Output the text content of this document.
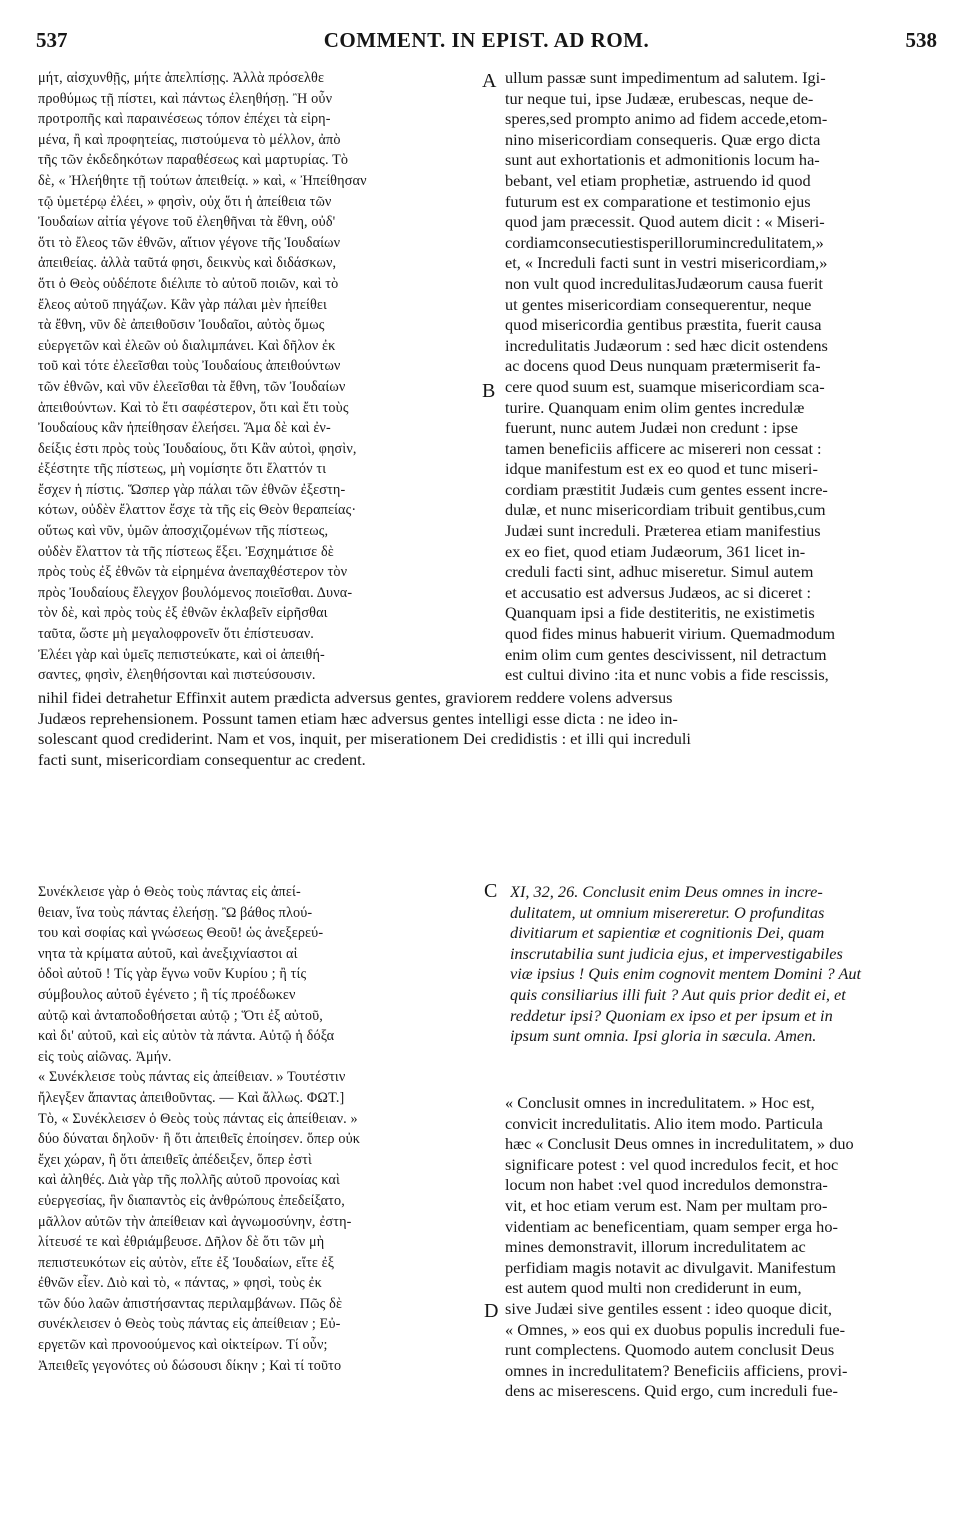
537	COMMENT. IN EPIST. AD ROM.	538
μήτ, αἰσχυνθῇς, μήτε ἀπελπίσῃς. Ἀλλὰ πρόσελθε
προθύμως τῇ πίστει, καὶ πάντως ἐλεηθήσῃ. Ἢ οὖν
προτροπῆς καὶ παραινέσεως τόπον ἐπέχει τὰ εἰρη-
μένα, ἢ καὶ προφητείας, πιστούμενα τὸ μέλλον, ἀπὸ
τῆς τῶν ἐκδεδηκότων παραθέσεως καὶ μαρτυρίας. Τὸ
δὲ, « Ἠλεήθητε τῇ τούτων ἀπειθείᾳ. » καὶ, « Ἠπείθησαν
τῷ ὑμετέρῳ ἐλέει, » φησὶν, οὐχ ὅτι ἡ ἀπείθεια τῶν
Ἰουδαίων αἰτία γέγονε τοῦ ἐλεηθῆναι τὰ ἔθνη, οὐδ'
ὅτι τὸ ἔλεος τῶν ἐθνῶν, αἴτιον γέγονε τῆς Ἰουδαίων
ἀπειθείας. ἀλλὰ ταῦτά φησι, δεικνὺς καὶ διδάσκων,
ὅτι ὁ Θεὸς οὐδέποτε διέλιπε τὸ αὐτοῦ ποιῶν, καὶ τὸ
ἔλεος αὐτοῦ πηγάζων. Κἂν γὰρ πάλαι μὲν ἠπείθει
τὰ ἔθνη, νῦν δὲ ἀπειθοῦσιν Ἰουδαῖοι, αὐτὸς ὅμως
εὐεργετῶν καὶ ἐλεῶν οὐ διαλιμπάνει. Καὶ δῆλον ἐκ
τοῦ καὶ τότε ἐλεεῖσθαι τοὺς Ἰουδαίους ἀπειθούντων
τῶν ἐθνῶν, καὶ νῦν ἐλεεῖσθαι τὰ ἔθνη, τῶν Ἰουδαίων
ἀπειθούντων. Καὶ τὸ ἔτι σαφέστερον, ὅτι καὶ ἔτι τοὺς
Ἰουδαίους κἂν ἠπείθησαν ἐλεήσει. Ἅμα δὲ καὶ ἐν-
δείξις ἐστι πρὸς τοὺς Ἰουδαίους, ὅτι Κἂν αὐτοὶ, φησὶν,
ἐξέστητε τῆς πίστεως, μὴ νομίσητε ὅτι ἔλαττόν τι
ἔσχεν ἡ πίστις. Ὥσπερ γὰρ πάλαι τῶν ἐθνῶν ἐξεστη-
κότων, οὐδὲν ἔλαττον ἔσχε τὰ τῆς εἰς Θεὸν θεραπείας·
οὕτως καὶ νῦν, ὑμῶν ἀποσχιζομένων τῆς πίστεως,
οὐδὲν ἔλαττον τὰ τῆς πίστεως ἕξει. Ἐσχημάτισε δὲ
πρὸς τοὺς ἐξ ἐθνῶν τὰ εἰρημένα ἀνεπαχθέστερον τὸν
πρὸς Ἰουδαίους ἔλεγχον βουλόμενος ποιεῖσθαι. Δυνα-
τὸν δὲ, καὶ πρὸς τοὺς ἐξ ἐθνῶν ἐκλαβεῖν εἰρῆσθαι
ταῦτα, ὥστε μὴ μεγαλοφρονεῖν ὅτι ἐπίστευσαν.
Ἐλέει γὰρ καὶ ὑμεῖς πεπιστεύκατε, καὶ οἱ ἀπειθή-
σαντες, φησὶν, ἐλεηθήσονται καὶ πιστεύσουσιν.
ullum passæ sunt impedimentum ad salutem. Igi-
tur neque tui, ipse Judææ, erubescas, neque de-
speres,sed prompto animo ad fidem accede,etom-
nino misericordiam consequeris. Quæ ergo dicta
sunt aut exhortationis et admonitionis locum ha-
bebant, vel etiam prophetiæ, astruendo id quod
futurum est ex comparatione et testimonio ejus
quod jam præcessit. Quod autem dicit : « Miseri-
cordiamconsecutiestisperillorumincredulitatem,»
et, « Increduli facti sunt in vestri misericordiam,»
non vult quod incredulitasJudæorum causa fuerit
ut gentes misericordiam consequerentur, neque
quod misericordia gentibus præstita, fuerit causa
incredulitatis Judæorum : sed hæc dicit ostendens
ac docens quod Deus nunquam prætermiserit fa-
cere quod suum est, suamque misericordiam sca-
turire. Quanquam enim olim gentes incredulæ
fuerunt, nunc autem Judæi non credunt : ipse
tamen beneficiis afficere ac misereri non cessat :
idque manifestum est ex eo quod et tunc miseri-
cordiam præstitit Judæis cum gentes essent incre-
dulæ, et nunc misericordiam tribuit gentibus,cum
Judæi sunt increduli. Præterea etiam manifestius
ex eo fiet, quod etiam Judæorum, 361 licet in-
creduli facti sint, adhuc miseretur. Simul autem
et accusatio est adversus Judæos, ac si diceret :
Quanquam ipsi a fide destiteritis, ne existimetis
quod fides minus habuerit virium. Quemadmodum
enim olim cum gentes descivissent, nil detractum
est cultui divino :ita et nunc vobis a fide rescissis,
nihil fidei detrahetur Effinxit autem prædicta adversus gentes, graviorem reddere volens adversus
Judæos reprehensionem. Possunt tamen etiam hæc adversus gentes intelligi esse dicta : ne ideo in-
solescant quod crediderint. Nam et vos, inquit, per miserationem Dei credidistis : et illi qui increduli
facti sunt, misericordiam consequentur ac credent.
Συνέκλεισε γὰρ ὁ Θεὸς τοὺς πάντας εἰς ἀπεί-
θειαν, ἵνα τοὺς πάντας ἐλεήσῃ. Ὢ βάθος πλού-
του καὶ σοφίας καὶ γνώσεως Θεοῦ! ὡς ἀνεξερεύ-
νητα τὰ κρίματα αὐτοῦ, καὶ ἀνεξιχνίαστοι αἱ
ὁδοὶ αὐτοῦ ! Τίς γὰρ ἔγνω νοῦν Κυρίου ; ἢ τίς
σύμβουλος αὐτοῦ ἐγένετο ; ἢ τίς προέδωκεν
αὐτῷ καὶ ἀνταποδοθήσεται αὐτῷ ; Ὅτι ἐξ αὐτοῦ,
καὶ δι' αὐτοῦ, καὶ εἰς αὐτὸν τὰ πάντα. Αὐτῷ ἡ δόξα
εἰς τοὺς αἰῶνας. Ἀμήν.
« Συνέκλεισε τοὺς πάντας εἰς ἀπείθειαν. » Τουτέστιν
ἤλεγξεν ἅπαντας ἀπειθοῦντας. — Καὶ ἄλλως. ΦΩΤ.]
Τὸ, « Συνέκλεισεν ὁ Θεὸς τοὺς πάντας εἰς ἀπείθειαν. »
δύο δύναται δηλοῦν· ἢ ὅτι ἀπειθεῖς ἐποίησεν. ὅπερ οὐκ
ἔχει χώραν, ἢ ὅτι ἀπειθεῖς ἀπέδειξεν, ὅπερ ἐστὶ
καὶ ἀληθές. Διὰ γὰρ τῆς πολλῆς αὐτοῦ προνοίας καὶ
εὐεργεσίας, ἣν διαπαντὸς εἰς ἀνθρώπους ἐπεδείξατο,
μᾶλλον αὐτῶν τὴν ἀπείθειαν καὶ ἀγνωμοσύνην, ἐστη-
λίτευσέ τε καὶ ἐθριάμβευσε. Δῆλον δὲ ὅτι τῶν μὴ
πεπιστευκότων εἰς αὐτὸν, εἴτε ἐξ Ἰουδαίων, εἴτε ἐξ
ἐθνῶν εἶεν. Διὸ καὶ τὸ, « πάντας, » φησὶ, τοὺς ἐκ
τῶν δύο λαῶν ἀπιστήσαντας περιλαμβάνων. Πῶς δὲ
συνέκλεισεν ὁ Θεὸς τοὺς πάντας εἰς ἀπείθειαν ; Εὐ-
εργετῶν καὶ προνοούμενος καὶ οἰκτείρων. Τί οὖν;
Ἀπειθεῖς γεγονότες οὐ δώσουσι δίκην ; Καὶ τί τοῦτο
XI, 32, 26. Conclusit enim Deus omnes in incre-
dulitatem, ut omnium misereretur. O profunditas
divitiarum et sapientiæ et cognitionis Dei, quam
inscrutabilia sunt judicia ejus, et impervestigabiles
viæ ipsius ! Quis enim cognovit mentem Domini ? Aut
quis consiliarius illi fuit ? Aut quis prior dedit ei, et
reddetur ipsi? Quoniam ex ipso et per ipsum et in
ipsum sunt omnia. Ipsi gloria in sæcula. Amen.
« Conclusit omnes in incredulitatem. » Hoc est,
convicit incredulitatis. Alio item modo. Particula
hæc « Conclusit Deus omnes in incredulitatem, » duo
significare potest : vel quod incredulos fecit, et hoc
locum non habet :vel quod incredulos demonstra-
vit, et hoc etiam verum est. Nam per multam pro-
videntiam ac beneficentiam, quam semper erga ho-
mines demonstravit, illorum incredulitatem ac
perfidiam magis notavit ac divulgavit. Manifestum
est autem quod multi non crediderunt in eum,
sive Judæi sive gentiles essent : ideo quoque dicit,
« Omnes, » eos qui ex duobus populis increduli fue-
runt complectens. Quomodo autem conclusit Deus
omnes in incredulitatem? Beneficiis afficiens, provi-
dens ac miserescens. Quid ergo, cum increduli fue-
A
B
C
D
